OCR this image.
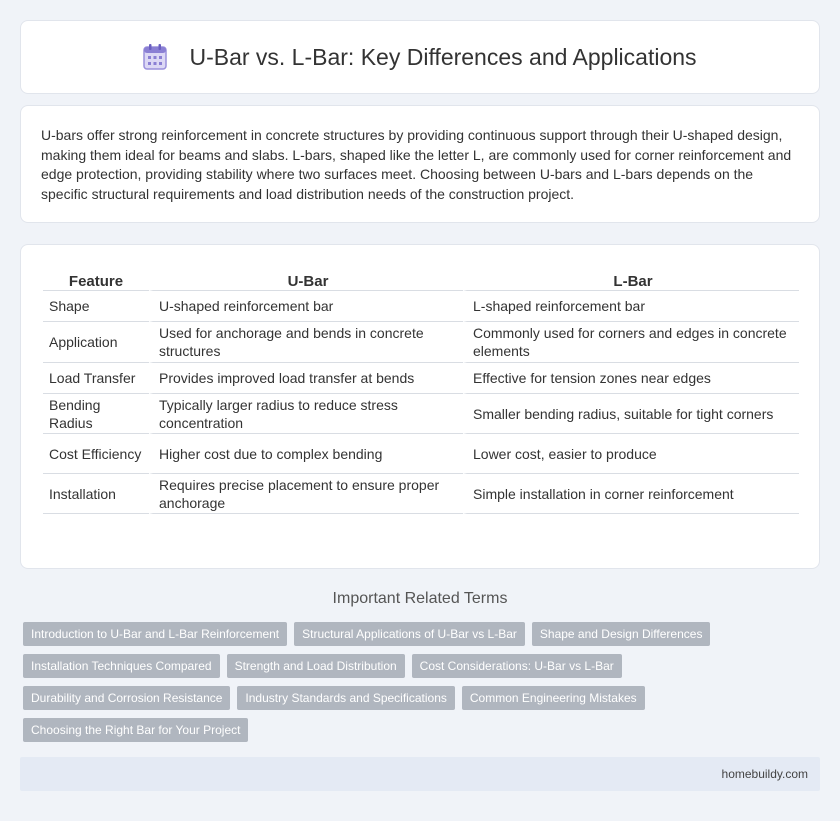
U-Bar vs. L-Bar: Key Differences and Applications

U-bars offer strong reinforcement in concrete structures by providing continuous support through their U-shaped design, making them ideal for beams and slabs. L-bars, shaped like the letter L, are commonly used for corner reinforcement and edge protection, providing stability where two surfaces meet. Choosing between U-bars and L-bars depends on the specific structural requirements and load distribution needs of the construction project.

Feature	U-Bar	L-Bar
Shape	U-shaped reinforcement bar	L-shaped reinforcement bar
Application	Used for anchorage and bends in concrete structures	Commonly used for corners and edges in concrete elements
Load Transfer	Provides improved load transfer at bends	Effective for tension zones near edges
Bending Radius	Typically larger radius to reduce stress concentration	Smaller bending radius, suitable for tight corners
Cost Efficiency	Higher cost due to complex bending	Lower cost, easier to produce
Installation	Requires precise placement to ensure proper anchorage	Simple installation in corner reinforcement
Important Related Terms
Introduction to U-Bar and L-Bar Reinforcement	Structural Applications of U-Bar vs L-Bar	Shape and Design Differences
Installation Techniques Compared	Strength and Load Distribution	Cost Considerations: U-Bar vs L-Bar
Durability and Corrosion Resistance	Industry Standards and Specifications	Common Engineering Mistakes
Choosing the Right Bar for Your Project
homebuildy.com
